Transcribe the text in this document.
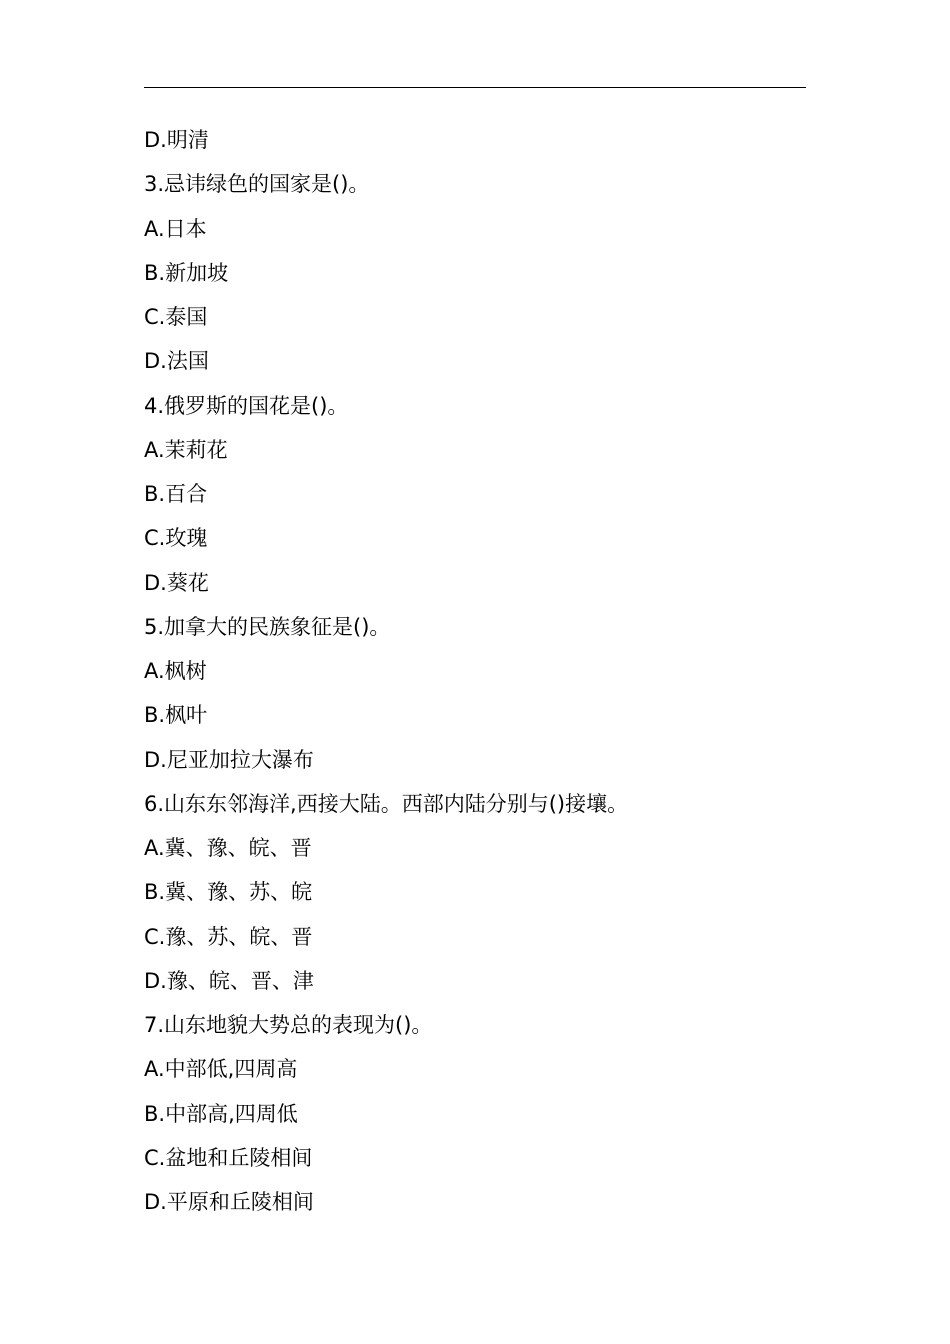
D.明清
3.忌讳绿色的国家是()。
A.日本
B.新加坡
C.泰国
D.法国
4.俄罗斯的国花是()。
A.茉莉花
B.百合
C.玫瑰
D.葵花
5.加拿大的民族象征是()。
A.枫树
B.枫叶
D.尼亚加拉大瀑布
6.山东东邻海洋,西接大陆。西部内陆分别与()接壤。
A.冀、豫、皖、晋
B.冀、豫、苏、皖
C.豫、苏、皖、晋
D.豫、皖、晋、津
7.山东地貌大势总的表现为()。
A.中部低,四周高
B.中部高,四周低
C.盆地和丘陵相间
D.平原和丘陵相间
